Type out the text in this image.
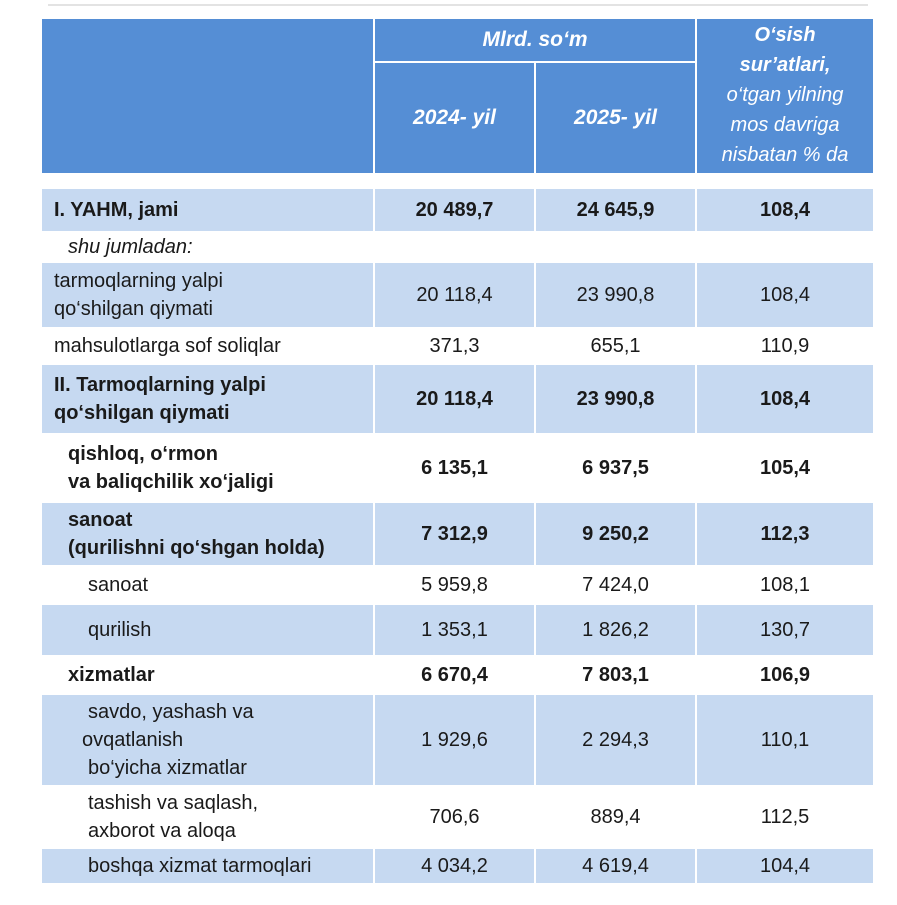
	Mlrd. so‘m		O‘sish
sur’atlari,
o‘tgan yilning
mos davriga
nisbatan % da
	2024- yil	2025- yil	

I. YAHM, jami	20 489,7	24 645,9	108,4
shu jumladan:			

tarmoqlarning yalpi
qo‘shilgan qiymati	20 118,4	23 990,8	108,4
mahsulotlarga sof soliqlar	371,3	655,1	110,9

II. Tarmoqlarning yalpi
qo‘shilgan qiymati	20 118,4	23 990,8	108,4

qishloq, o‘rmon
va baliqchilik xo‘jaligi	6 135,1	6 937,5	105,4

sanoat
(qurilishni qo‘shgan holda)	7 312,9	9 250,2	112,3
sanoat	5 959,8	7 424,0	108,1
qurilish	1 353,1	1 826,2	130,7
xizmatlar	6 670,4	7 803,1	106,9

savdo, yashash va
ovqatlanish
bo‘yicha xizmatlar	1 929,6	2 294,3	110,1

tashish va saqlash,
axborot va aloqa	706,6	889,4	112,5
boshqa xizmat tarmoqlari	4 034,2	4 619,4	104,4
